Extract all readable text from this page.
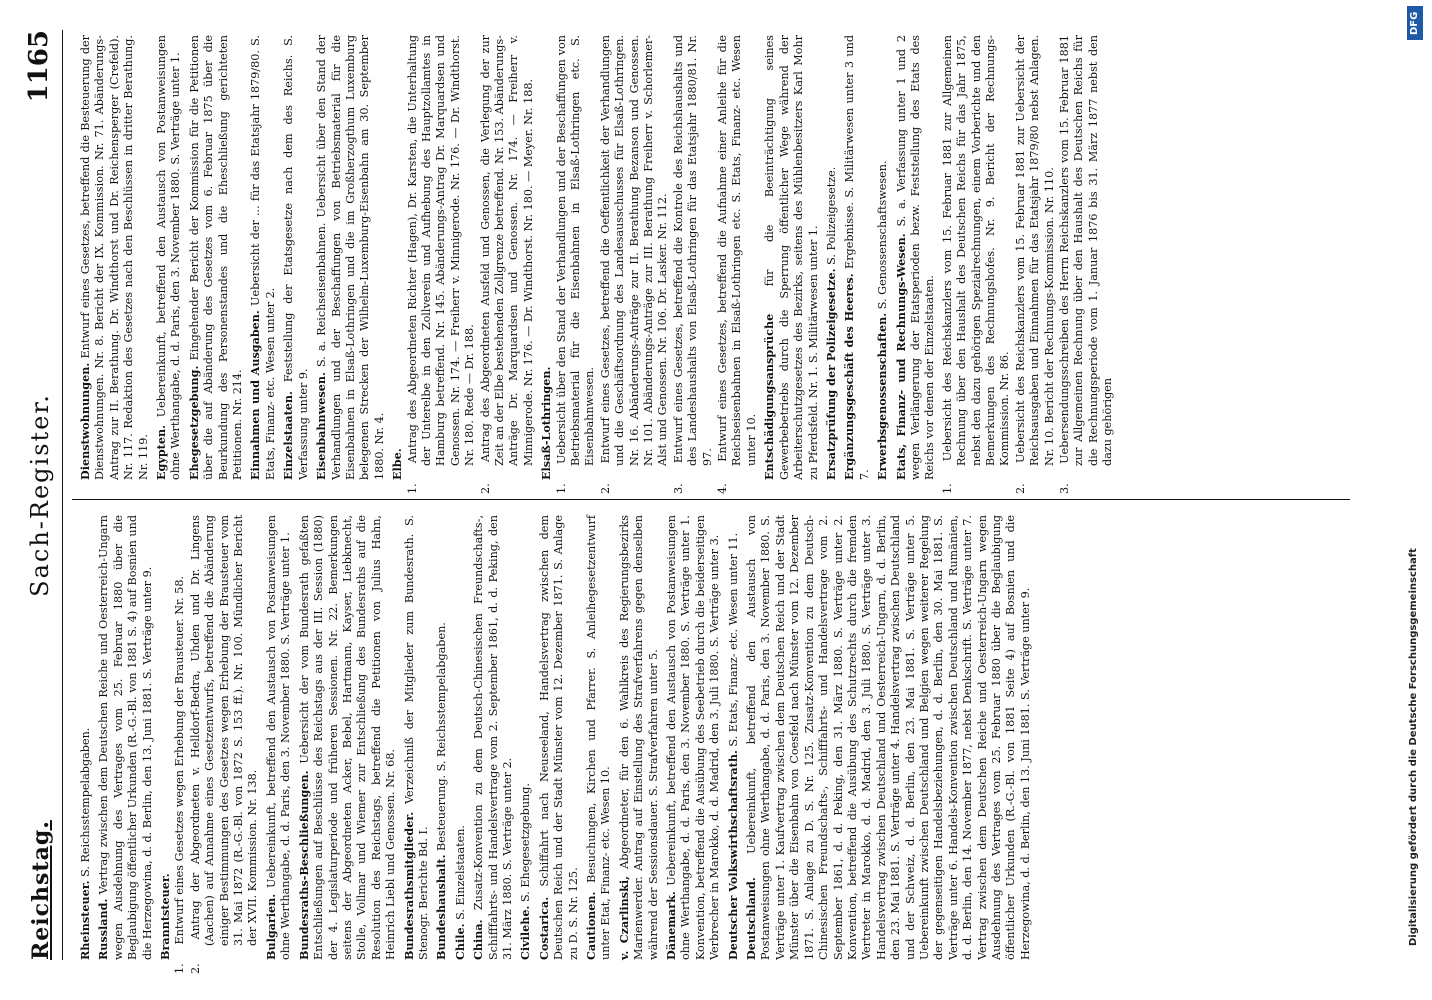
Reichstag.
Sach-Register.
1165
Rheinsteuer. S. Reichsstempelabgaben.
Russland. Vertrag zwischen dem Deutschen Reiche und Oesterreich-Ungarn wegen Ausdehnung des Vertrages vom 25. Februar 1880 über die Beglaubigung öffentlicher Urkunden (R.-G.-Bl. von 1881 S. 4) auf Bosnien und die Herzegowina, d. d. Berlin, den 13. Juni 1881. S. Verträge unter 9. Branntsteuer.

1. Entwurf eines Gesetzes wegen Erhebung der Brausteuer. Nr. 58.

2. Antrag der Abgeordneten v. Helldorf-Bedra, Uhden und Dr. Lingens (Aachen) auf Annahme eines Gesetzentwurfs, betreffend die Abänderung einiger Bestimmungen des Gesetzes wegen Erhebung der Brausteuer vom 31. Mai 1872 (R.-G.-Bl. von 1872 S. 153 ff.). Nr. 100. Mündlicher Bericht der XVII. Kommission. Nr. 138. Bulgarien. Uebereinkunft, betreffend den Austausch von Postanweisungen ohne Werthangabe, d. d. Paris, den 3. November 1880. S. Verträge unter 1. Bundesraths-Beschließungen. Uebersicht der vom Bundesrath gefaßten Entschließungen auf Beschlüsse des Reichstags aus der III. Session (1880) der 4. Legislaturperiode und früheren Sessionen. Nr. 22. Bemerkungen seitens der Abgeordneten Acker, Bebel, Hartmann, Kayser, Liebknecht, Stolle, Vollmar und Wiemer zur Entschließung des Bundesraths auf die Resolution des Reichstags, betreffend die Petitionen von Julius Hahn, Heinrich Liebl und Genossen. Nr. 68. Bundesrathsmitglieder. Verzeichniß der Mitglieder zum Bundesrath. S. Stenogr. Berichte Bd. I. Bundeshaushalt. Besteuerung. S. Reichsstempelabgaben.
Chile. S. Einzelstaaten.
China. Zusatz-Konvention zu dem Deutsch-Chinesischen Freundschafts-, Schifffahrts- und Handelsvertrage vom 2. September 1861, d. d. Peking, den 31. März 1880. S. Verträge unter 2. Civilehe. S. Ehegesetzgebung.
Costarica. Schiffahrt nach Neuseeland, Handelsvertrag zwischen dem Deutschen Reich und der Stadt Münster vom 12. Dezember 1871. S. Anlage zu D. S. Nr. 125. Cautionen. Besuchungen, Kirchen und Pfarrer. S. Anleihegesetzentwurf unter Etat, Finanz- etc. Wesen 10. v. Czarlinski, Abgeordneter, für den 6. Wahlkreis des Regierungsbezirks Marienwerder. Antrag auf Einstellung des Strafverfahrens gegen denselben während der Sessionsdauer. S. Strafverfahren unter 5. Dänemark. Uebereinkunft, betreffend den Austausch von Postanweisungen ohne Werthangabe, d. d. Paris, den 3. November 1880. S. Verträge unter 1. Konvention, betreffend die Ausübung des Seebetrieb durch die beiderseitigen Verbrecher in Marokko, d. d. Madrid, den 3. Juli 1880. S. Verträge unter 3. Deutscher Volkswirthschaftsrath. S. Etats, Finanz- etc. Wesen unter 11.
Deutschland. Uebereinkunft, betreffend den Austausch von Postanweisungen ohne Werthangabe, d. d. Paris, den 3. November 1880. S. Verträge unter 1. Kaufvertrag zwischen dem Deutschen Reich und der Stadt Münster über die Eisenbahn von Coesfeld nach Münster vom 12. Dezember 1871. S. Anlage zu D. S. Nr. 125. Zusatz-Konvention zu dem Deutsch-Chinesischen Freundschafts-, Schifffahrts- und Handelsvertrage vom 2. September 1861, d. d. Peking, den 31. März 1880. S. Verträge unter 2. Konvention, betreffend die Ausübung des Schutzrechts durch die fremden Vertreter in Marokko, d. d. Madrid, den 3. Juli 1880. S. Verträge unter 3. Handelsvertrag zwischen Deutschland und Oesterreich-Ungarn, d. d. Berlin, den 23. Mai 1881. S. Verträge unter 4. Handelsvertrag zwischen Deutschland und der Schweiz, d. d. Berlin, den 23. Mai 1881. S. Verträge unter 5. Uebereinkunft zwischen Deutschland und Belgien wegen weiterer Regelung der gegenseitigen Handelsbeziehungen, d. d. Berlin, den 30. Mai 1881. S. Verträge unter 6. Handels-Konvention zwischen Deutschland und Rumänien, d. d. Berlin, den 14. November 1877, nebst Denkschrift. S. Verträge unter 7. Vertrag zwischen dem Deutschen Reiche und Oesterreich-Ungarn wegen Ausdehnung des Vertrages vom 25. Februar 1880 über die Beglaubigung öffentlicher Urkunden (R.-G.-Bl. von 1881 Seite 4) auf Bosnien und die Herzegowina, d. d. Berlin, den 13. Juni 1881. S. Verträge unter 9.
Dienstwohnungen. Entwurf eines Gesetzes, betreffend die Besteuerung der Dienstwohnungen. Nr. 8. Bericht der IX. Kommission. Nr. 71. Abänderungs-Antrag zur II. Berathung. Dr. Windthorst und Dr. Reichensperger (Crefeld). Nr. 117. Redaktion des Gesetzes nach den Beschlüssen in dritter Berathung. Nr. 119. Egypten. Uebereinkunft, betreffend den Austausch von Postanweisungen ohne Werthangabe, d. d. Paris, den 3. November 1880. S. Verträge unter 1. Ehegesetzgebung. Eingehender Bericht der Kommission für die Petitionen über die auf Abänderung des Gesetzes vom 6. Februar 1875 über die Beurkundung des Personenstandes und die Eheschließung gerichteten Petitionen. Nr. 214. Einnahmen und Ausgaben. Uebersicht der ... für das Etatsjahr 1879/80. S. Etats, Finanz- etc. Wesen unter 2. Einzelstaaten. Feststellung der Etatsgesetze nach dem des Reichs. S. Verfassung unter 9. Eisenbahnwesen. S. a. Reichseisenbahnen. Uebersicht über den Stand der Verhandlungen und der Beschaffungen von Betriebsmaterial für die Eisenbahnen in Elsaß-Lothringen und die im Großherzogthum Luxemburg belegenen Strecken der Wilhelm-Luxemburg-Eisenbahn am 30. September 1880. Nr. 4. Elbe.

1. Antrag des Abgeordneten Richter (Hagen), Dr. Karsten, die Unterhaltung der Unterelbe in den Zollverein und Aufhebung des Hauptzollamtes in Hamburg betreffend. Nr. 145. Abänderungs-Antrag Dr. Marquardsen und Genossen. Nr. 174. — Freiherr v. Minnigerode. Nr. 176. — Dr. Windthorst. Nr. 180. Rede — Dr. 188.

2. Antrag des Abgeordneten Ausfeld und Genossen, die Verlegung der zur Zeit an der Elbe bestehenden Zollgrenze betreffend. Nr. 153. Abänderungs-Anträge Dr. Marquardsen und Genossen. Nr. 174. — Freiherr v. Minnigerode. Nr. 176. — Dr. Windthorst. Nr. 180. — Meyer. Nr. 188. Elsaß-Lothringen.

1. Uebersicht über den Stand der Verhandlungen und der Beschaffungen von Betriebsmaterial für die Eisenbahnen in Elsaß-Lothringen etc. S. Eisenbahnwesen.

2. Entwurf eines Gesetzes, betreffend die Oeffentlichkeit der Verhandlungen und die Geschäftsordnung des Landesausschusses für Elsaß-Lothringen. Nr. 16. Abänderungs-Anträge zur II. Berathung Bezanson und Genossen. Nr. 101. Abänderungs-Anträge zur III. Berathung Freiherr v. Schorlemer-Alst und Genossen. Nr. 106. Dr. Lasker. Nr. 112.

3. Entwurf eines Gesetzes, betreffend die Kontrole des Reichshaushalts und des Landeshaushalts von Elsaß-Lothringen für das Etatsjahr 1880/81. Nr. 97.

4. Entwurf eines Gesetzes, betreffend die Aufnahme einer Anleihe für die Reichseisenbahnen in Elsaß-Lothringen etc. S. Etats, Finanz- etc. Wesen unter 10. Entschädigungsansprüche für die Beeinträchtigung seines Gewerbebetriebs durch die Sperrung öffentlicher Wege während der Arbeiterschutzgesetzes des Bezirks, seitens des Mühlenbesitzers Karl Mohr zu Pferdsfeld. Nr. 1. S. Militärwesen unter 1. Ersatzprüfung der Polizeigesetze. S. Polizeigesetze.
Ergänzungsgeschäft des Heeres. Ergebnisse. S. Militärwesen unter 3 und 7. Erwerbsgenossenschaften. S. Genossenschaftswesen. Etats, Finanz- und Rechnungs-Wesen. S. a. Verfassung unter 1 und 2 wegen Verlängerung der Etatsperioden bezw. Feststellung des Etats des Reichs vor denen der Einzelstaaten.

1. Uebersicht des Reichskanzlers vom 15. Februar 1881 zur Allgemeinen Rechnung über den Haushalt des Deutschen Reichs für das Jahr 1875, nebst den dazu gehörigen Spezialrechnungen, einem Vorberichte und den Bemerkungen des Rechnungshofes. Nr. 9. Bericht der Rechnungs-Kommission. Nr. 86.

2. Uebersicht des Reichskanzlers vom 15. Februar 1881 zur Uebersicht der Reichsausgaben und Einnahmen für das Etatsjahr 1879/80 nebst Anlagen. Nr. 10. Bericht der Rechnungs-Kommission. Nr. 110.

3. Uebersendungsschreiben des Herrn Reichskanzlers vom 15. Februar 1881 zur Allgemeinen Rechnung über den Haushalt des Deutschen Reichs für die Rechnungsperiode vom 1. Januar 1876 bis 31. März 1877 nebst den dazu gehörigen

DFG
Digitalisierung gefördert durch die Deutsche Forschungsgemeinschaft
